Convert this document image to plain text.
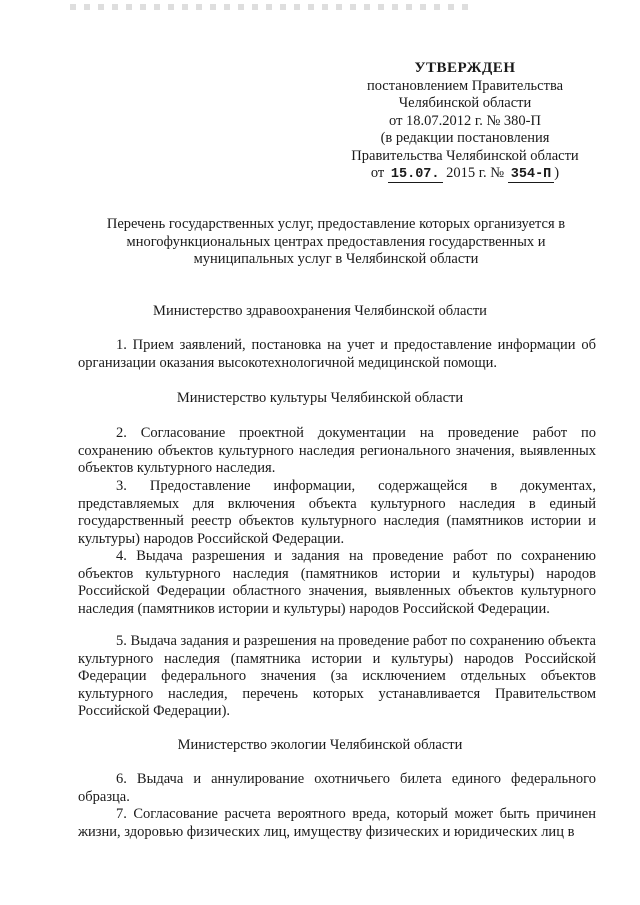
УТВЕРЖДЕН
постановлением Правительства
Челябинской области
от 18.07.2012 г. № 380-П
(в редакции постановления
Правительства Челябинской области
от 15.07. 2015 г. № 354-П )
Перечень государственных услуг, предоставление которых организуется в многофункциональных центрах предоставления государственных и муниципальных услуг в Челябинской области
Министерство здравоохранения Челябинской области
1. Прием заявлений, постановка на учет и предоставление информации об организации оказания высокотехнологичной медицинской помощи.
Министерство культуры Челябинской области
2. Согласование проектной документации на проведение работ по сохранению объектов культурного наследия регионального значения, выявленных объектов культурного наследия.
3. Предоставление информации, содержащейся в документах, представляемых для включения объекта культурного наследия в единый государственный реестр объектов культурного наследия (памятников истории и культуры) народов Российской Федерации.
4. Выдача разрешения и задания на проведение работ по сохранению объектов культурного наследия (памятников истории и культуры) народов Российской Федерации областного значения, выявленных объектов культурного наследия (памятников истории и культуры) народов Российской Федерации.
5. Выдача задания и разрешения на проведение работ по сохранению объекта культурного наследия (памятника истории и культуры) народов Российской Федерации федерального значения (за исключением отдельных объектов культурного наследия, перечень которых устанавливается Правительством Российской Федерации).
Министерство экологии Челябинской области
6. Выдача и аннулирование охотничьего билета единого федерального образца.
7. Согласование расчета вероятного вреда, который может быть причинен жизни, здоровью физических лиц, имуществу физических и юридических лиц в
